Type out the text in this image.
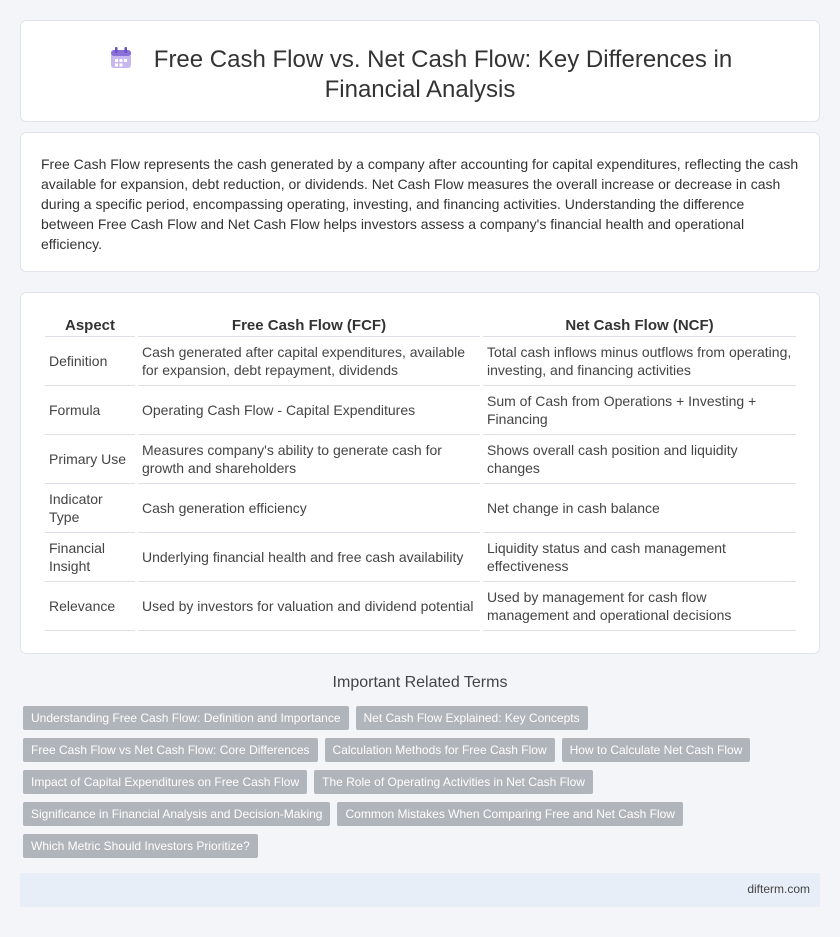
Free Cash Flow vs. Net Cash Flow: Key Differences in Financial Analysis

Free Cash Flow represents the cash generated by a company after accounting for capital expenditures, reflecting the cash available for expansion, debt reduction, or dividends. Net Cash Flow measures the overall increase or decrease in cash during a specific period, encompassing operating, investing, and financing activities. Understanding the difference between Free Cash Flow and Net Cash Flow helps investors assess a company's financial health and operational efficiency.

Aspect	Free Cash Flow (FCF)	Net Cash Flow (NCF)
Definition	Cash generated after capital expenditures, available for expansion, debt repayment, dividends	Total cash inflows minus outflows from operating, investing, and financing activities
Formula	Operating Cash Flow - Capital Expenditures	Sum of Cash from Operations + Investing + Financing
Primary Use	Measures company's ability to generate cash for growth and shareholders	Shows overall cash position and liquidity changes
Indicator Type	Cash generation efficiency	Net change in cash balance
Financial Insight	Underlying financial health and free cash availability	Liquidity status and cash management effectiveness
Relevance	Used by investors for valuation and dividend potential	Used by management for cash flow management and operational decisions
Important Related Terms
Understanding Free Cash Flow: Definition and Importance	Net Cash Flow Explained: Key Concepts
Free Cash Flow vs Net Cash Flow: Core Differences	Calculation Methods for Free Cash Flow	How to Calculate Net Cash Flow
Impact of Capital Expenditures on Free Cash Flow	The Role of Operating Activities in Net Cash Flow
Significance in Financial Analysis and Decision-Making	Common Mistakes When Comparing Free and Net Cash Flow
Which Metric Should Investors Prioritize?
difterm.com
